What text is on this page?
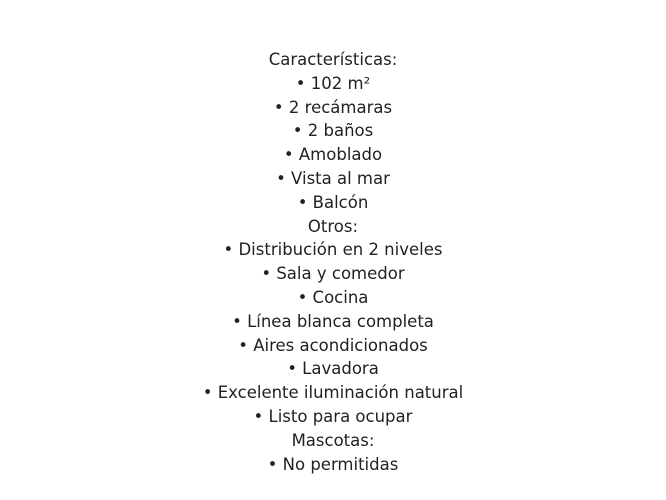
Características:
• 102 m²
• 2 recámaras
• 2 baños
• Amoblado
• Vista al mar
• Balcón
Otros:
• Distribución en 2 niveles
• Sala y comedor
• Cocina
• Línea blanca completa
• Aires acondicionados
• Lavadora
• Excelente iluminación natural
• Listo para ocupar
Mascotas:
• No permitidas
